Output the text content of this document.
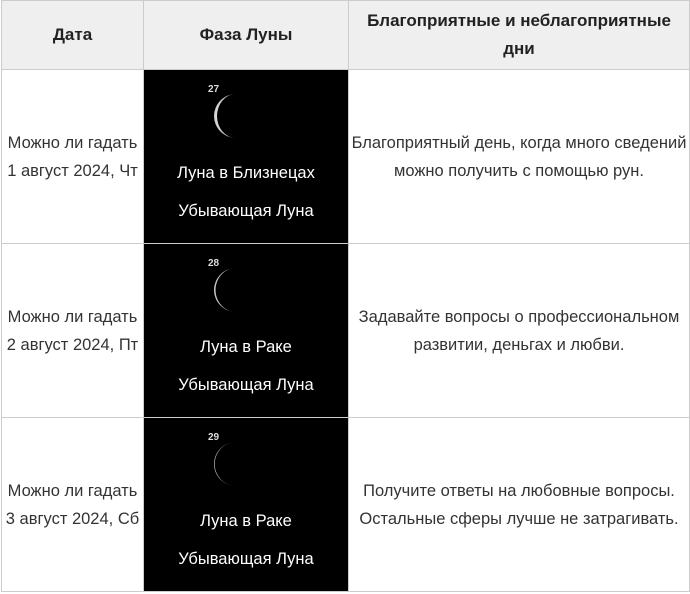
Дата	Фаза Луны	Благоприятные и неблагоприятные дни
Можно ли гадать 1 август 2024, Чт	27
Луна в Близнецах
Убывающая Луна	Благоприятный день, когда много сведений можно получить с помощью рун.
Можно ли гадать 2 август 2024, Пт	28
Луна в Раке
Убывающая Луна	Задавайте вопросы о профессиональном развитии, деньгах и любви.
Можно ли гадать 3 август 2024, Сб	29
Луна в Раке
Убывающая Луна	Получите ответы на любовные вопросы. Остальные сферы лучше не затрагивать.
